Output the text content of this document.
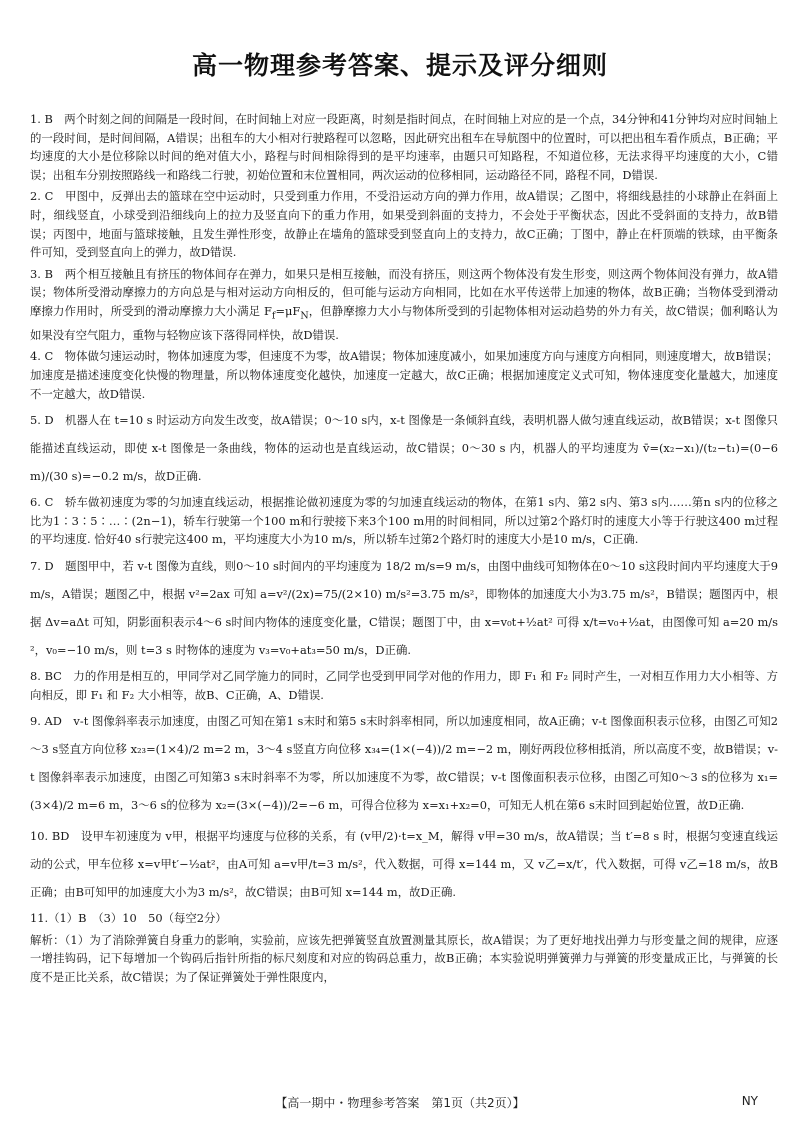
高一物理参考答案、提示及评分细则

1. B　两个时刻之间的间隔是一段时间，在时间轴上对应一段距离，时刻是指时间点，在时间轴上对应的是一个点，34分钟和41分钟均对应时间轴上的一段时间，是时间间隔，A错误；出租车的大小相对行驶路程可以忽略，因此研究出租车在导航图中的位置时，可以把出租车看作质点，B正确；平均速度的大小是位移除以时间的绝对值大小，路程与时间相除得到的是平均速率，由题只可知路程，不知道位移，无法求得平均速度的大小，C错误；出租车分别按照路线一和路线二行驶，初始位置和末位置相同，两次运动的位移相同，运动路径不同，路程不同，D错误.

2. C　甲图中，反弹出去的篮球在空中运动时，只受到重力作用，不受沿运动方向的弹力作用，故A错误；乙图中，将细线悬挂的小球静止在斜面上时，细线竖直，小球受到沿细线向上的拉力及竖直向下的重力作用，如果受到斜面的支持力，不会处于平衡状态，因此不受斜面的支持力，故B错误；丙图中，地面与篮球接触，且发生弹性形变，故静止在墙角的篮球受到竖直向上的支持力，故C正确；丁图中，静止在杆顶端的铁球，由平衡条件可知，受到竖直向上的弹力，故D错误.

3. B　两个相互接触且有挤压的物体间存在弹力，如果只是相互接触，而没有挤压，则这两个物体没有发生形变，则这两个物体间没有弹力，故A错误；物体所受滑动摩擦力的方向总是与相对运动方向相反的，但可能与运动方向相同，比如在水平传送带上加速的物体，故B正确；当物体受到滑动摩擦力作用时，所受到的滑动摩擦力大小满足 $F_f=\mu F_N$，但静摩擦力大小与物体所受到的引起物体相对运动趋势的外力有关，故C错误；伽利略认为如果没有空气阻力，重物与轻物应该下落得同样快，故D错误.

4. C　物体做匀速运动时，物体加速度为零，但速度不为零，故A错误；物体加速度减小，如果加速度方向与速度方向相同，则速度增大，故B错误；加速度是描述速度变化快慢的物理量，所以物体速度变化越快，加速度一定越大，故C正确；根据加速度定义式可知，物体速度变化量越大，加速度不一定越大，故D错误.

5. D　机器人在 t=10 s 时运动方向发生改变，故A错误；0～10 s内，x-t 图像是一条倾斜直线，表明机器人做匀速直线运动，故B错误；x-t 图像只能描述直线运动，即使 x-t 图像是一条曲线，物体的运动也是直线运动，故C错误；0～30 s 内，机器人的平均速度为 v̄=(x₂−x₁)/(t₂−t₁)=(0−6 m)/(30 s)=−0.2 m/s，故D正确.

6. C　轿车做初速度为零的匀加速直线运动，根据推论做初速度为零的匀加速直线运动的物体，在第1 s内、第2 s内、第3 s内……第n s内的位移之比为1∶3∶5∶…∶(2n−1)，轿车行驶第一个100 m和行驶接下来3个100 m用的时间相同，所以过第2个路灯时的速度大小等于行驶这400 m过程的平均速度. 恰好40 s行驶完这400 m，平均速度大小为10 m/s，所以轿车过第2个路灯时的速度大小是10 m/s，C正确.

7. D　题图甲中，若 v-t 图像为直线，则0～10 s时间内的平均速度为 18/2 m/s=9 m/s，由图中曲线可知物体在0～10 s这段时间内平均速度大于9 m/s，A错误；题图乙中，根据 v²=2ax 可知 a=v²/(2x)=75/(2×10) m/s²=3.75 m/s²，即物体的加速度大小为3.75 m/s²，B错误；题图丙中，根据 Δv=aΔt 可知，阴影面积表示4～6 s时间内物体的速度变化量，C错误；题图丁中，由 x=v₀t+½at² 可得 x/t=v₀+½at，由图像可知 a=20 m/s²，v₀=−10 m/s，则 t=3 s 时物体的速度为 v₃=v₀+at₃=50 m/s，D正确.

8. BC　力的作用是相互的，甲同学对乙同学施力的同时，乙同学也受到甲同学对他的作用力，即 F₁ 和 F₂ 同时产生，一对相互作用力大小相等、方向相反，即 F₁ 和 F₂ 大小相等，故B、C正确，A、D错误.

9. AD　v-t 图像斜率表示加速度，由图乙可知在第1 s末时和第5 s末时斜率相同，所以加速度相同，故A正确；v-t 图像面积表示位移，由图乙可知2～3 s竖直方向位移 x₂₃=(1×4)/2 m=2 m，3～4 s竖直方向位移 x₃₄=(1×(−4))/2 m=−2 m，刚好两段位移相抵消，所以高度不变，故B错误；v-t 图像斜率表示加速度，由图乙可知第3 s末时斜率不为零，所以加速度不为零，故C错误；v-t 图像面积表示位移，由图乙可知0～3 s的位移为 x₁=(3×4)/2 m=6 m，3～6 s的位移为 x₂=(3×(−4))/2=−6 m，可得合位移为 x=x₁+x₂=0，可知无人机在第6 s末时回到起始位置，故D正确.

10. BD　设甲车初速度为 v甲，根据平均速度与位移的关系，有 (v甲/2)·t=x_M，解得 v甲=30 m/s，故A错误；当 t′=8 s 时，根据匀变速直线运动的公式，甲车位移 x=v甲t′−½at²，由A可知 a=v甲/t=3 m/s²，代入数据，可得 x=144 m，又 v乙=x/t′，代入数据，可得 v乙=18 m/s，故B正确；由B可知甲的加速度大小为3 m/s²，故C错误；由B可知 x=144 m，故D正确.

11.（1）B　（3）10　50（每空2分）

解析：（1）为了消除弹簧自身重力的影响，实验前，应该先把弹簧竖直放置测量其原长，故A错误；为了更好地找出弹力与形变量之间的规律，应逐一增挂钩码，记下每增加一个钩码后指针所指的标尺刻度和对应的钩码总重力，故B正确；本实验说明弹簧弹力与弹簧的形变量成正比，与弹簧的长度不是正比关系，故C错误；为了保证弹簧处于弹性限度内，

【高一期中・物理参考答案　第1页（共2页）】	NY
